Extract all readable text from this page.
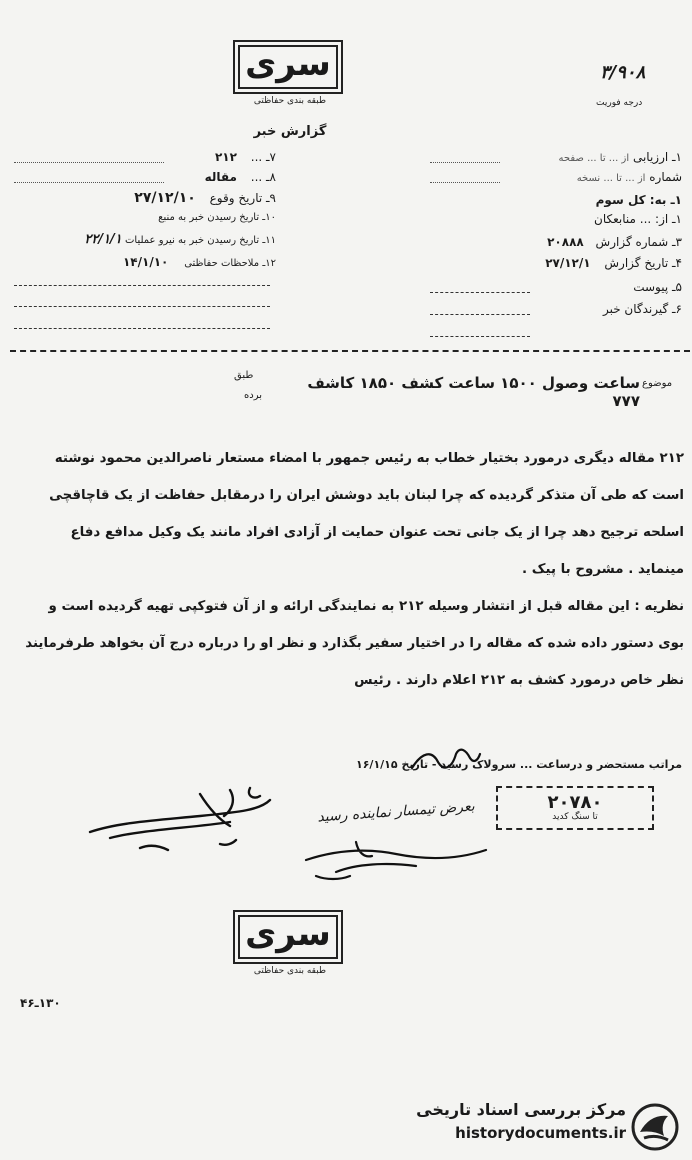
سری
طبقه بندی حفاظتی
۳/۹۰۸
درجه فوریت
گزارش خبر
۱ـ ارزیابی از ... تا ... صفحه
شماره از ... تا ... نسخه
۱ـ به: کل سوم
۱ـ از: ... منابعکان
۳ـ شماره گزارش ۲۰۸۸۸
۴ـ تاریخ گزارش ۲۷/۱۲/۱
۵ـ پیوست
۶ـ گیرندگان خبر
۷ـ ... ۲۱۲
۸ـ ... مقاله
۹ـ تاریخ وقوع ۲۷/۱۲/۱۰
۱۰ـ تاریخ رسیدن خبر به منبع
۱۱ـ تاریخ رسیدن خبر به نیرو عملیات ۲۲/۱/۱
۱۲ـ ملاحظات حفاظتی ۱۴/۱/۱۰
موضوع
ساعت وصول ۱۵۰۰ ساعت کشف ۱۸۵۰ کاشف ۷۷۷
طبق
برده
۲۱۲ مقاله دیگری درمورد بختیار خطاب به رئیس جمهور با امضاء مستعار ناصرالدین محمود نوشته
است که طی آن متذکر گردیده که چرا لبنان باید دوشش ایران را درمقابل حفاظت از یک قاچاقچی
اسلحه ترجیح دهد چرا از یک جانی تحت عنوان حمایت از آزادی افراد مانند یک وکیل مدافع دفاع
مینماید . مشروح با پیک .
نظریه : این مقاله قبل از انتشار وسیله ۲۱۲ به نمایندگی ارائه و از آن فتوکپی تهیه گردیده است و
بوی دستور داده شده که مقاله را در اختیار سفیر بگذارد و نظر او را درباره درج آن بخواهد طرفرمایند
نظر خاص درمورد کشف به ۲۱۲ اعلام دارند . رئیس
مراتب مستحضر و درساعت ... سرولاک رسید - تاریخ ۱۶/۱/۱۵
۲۰۷۸۰
تا سنگ کدید
بعرض تیمسار نماینده رسید
سری
طبقه بندی حفاظتی
۱۳۰ـ۴۶
مرکز بررسی اسناد تاریخی
historydocuments.ir
